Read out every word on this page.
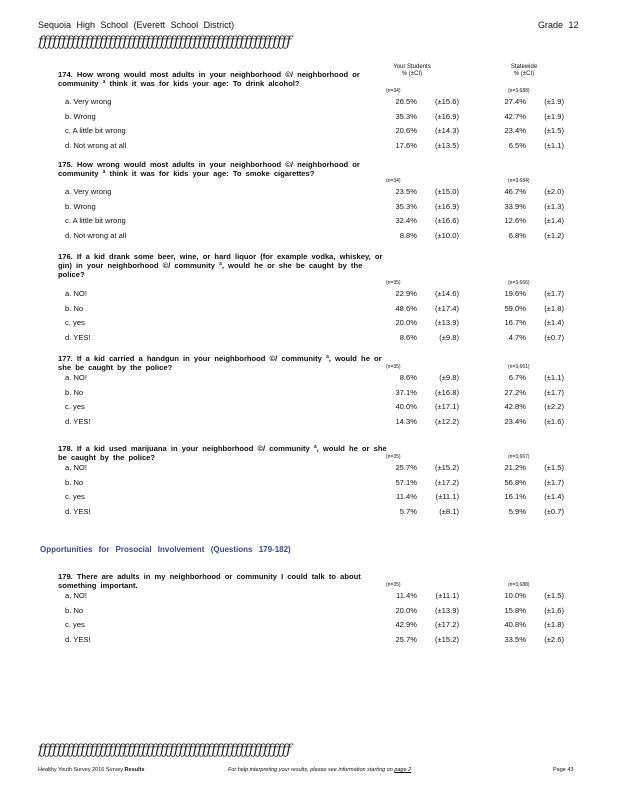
Sequoia High School (Everett School District)	Grade 12
ƒƒƒƒƒƒƒƒƒƒƒƒƒƒƒƒƒƒƒƒƒƒƒƒƒƒƒƒƒƒƒƒƒƒƒƒƒƒƒƒƒƒƒƒƒƒƒƒƒƒƒƒƒƒ
Your Students
% (±CI)
Statewide
% (±CI)
174. How wrong would most adults in your neighborhood ©/ neighborhood or community ª think it was for kids your age: To drink alcohol?
(n=34)	(n=3,688)
a. Very wrong	26.5%	(±15.6)	27.4%	(±1.9)
b. Wrong	35.3%	(±16.9)	42.7%	(±1.9)
c. A little bit wrong	20.6%	(±14.3)	23.4%	(±1.5)
d. Not wrong at all	17.6%	(±13.5)	6.5%	(±1.1)
175. How wrong would most adults in your neighborhood ©/ neighborhood or community ª think it was for kids your age: To smoke cigarettes?
(n=34)	(n=3,684)
a. Very wrong	23.5%	(±15.0)	46.7%	(±2.0)
b. Wrong	35.3%	(±16.9)	33.9%	(±1.3)
c. A little bit wrong	32.4%	(±16.6)	12.6%	(±1.4)
d. Not wrong at all	8.8%	(±10.0)	6.8%	(±1.2)
176. If a kid drank some beer, wine, or hard liquor (for example vodka, whiskey, or gin) in your neighborhood ©/ community ª, would he or she be caught by the police?
(n=35)	(n=3,666)
a. NO!	22.9%	(±14.6)	19.6%	(±1.7)
b. No	48.6%	(±17.4)	59.0%	(±1.8)
c. yes	20.0%	(±13.9)	16.7%	(±1.4)
d. YES!	8.6%	(±9.8)	4.7%	(±0.7)
177. If a kid carried a handgun in your neighborhood ©/ community ª, would he or she be caught by the police?	(n=35)	(n=3,661)
a. NO!	8.6%	(±9.8)	6.7%	(±1.1)
b. No	37.1%	(±16.8)	27.2%	(±1.7)
c. yes	40.0%	(±17.1)	42.8%	(±2.2)
d. YES!	14.3%	(±12.2)	23.4%	(±1.6)
178. If a kid used marijuana in your neighborhood ©/ community ª, would he or she be caught by the police?	(n=35)	(n=3,667)
a. NO!	25.7%	(±15.2)	21.2%	(±1.5)
b. No	57.1%	(±17.2)	56.8%	(±1.7)
c. yes	11.4%	(±11.1)	16.1%	(±1.4)
d. YES!	5.7%	(±8.1)	5.9%	(±0.7)
179. There are adults in my neighborhood or community I could talk to about something important.	(n=35)	(n=3,688)
a. NO!	11.4%	(±11.1)	10.0%	(±1.5)
b. No	20.0%	(±13.9)	15.8%	(±1.6)
c. yes	42.9%	(±17.2)	40.8%	(±1.8)
d. YES!	25.7%	(±15.2)	33.5%	(±2.6)
Opportunities for Prosocial Involvement (Questions 179-182)
ƒƒƒƒƒƒƒƒƒƒƒƒƒƒƒƒƒƒƒƒƒƒƒƒƒƒƒƒƒƒƒƒƒƒƒƒƒƒƒƒƒƒƒƒƒƒƒƒƒƒƒƒƒƒ
Healthy Youth Survey 2016 Survey Results	For help interpreting your results, please see information starting on page 2	Page 43
